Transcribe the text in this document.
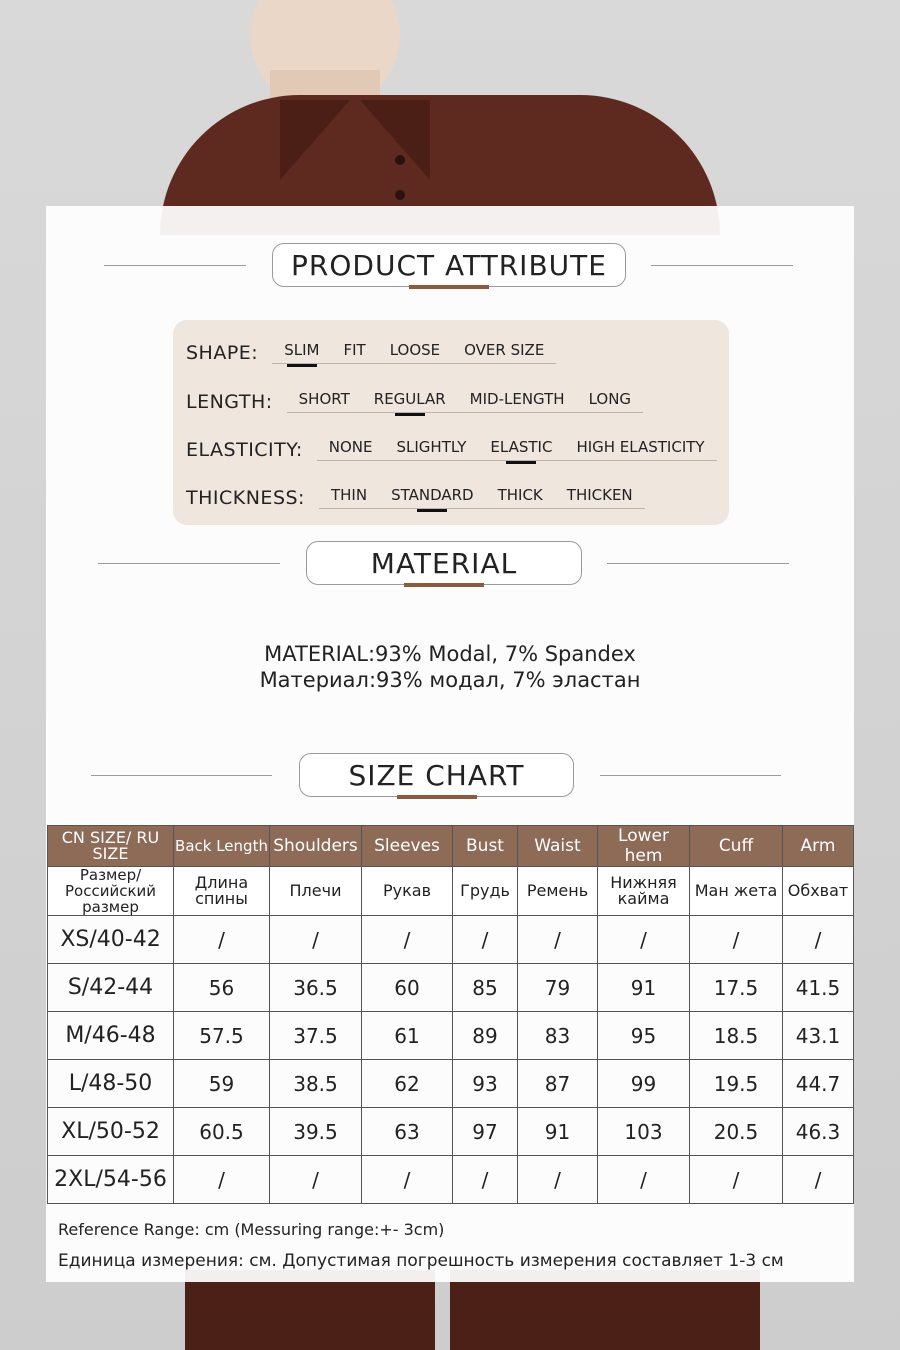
PRODUCT ATTRIBUTE
SHAPE: SLIM FIT LOOSE OVER SIZE
LENGTH: SHORT REGULAR MID-LENGTH LONG
ELASTICITY: NONE SLIGHTLY ELASTIC HIGH ELASTICITY
THICKNESS: THIN STANDARD THICK THICKEN
MATERIAL
MATERIAL:93% Modal, 7% Spandex
Материал:93% модал, 7% эластан
SIZE CHART
CN SIZE/ RU SIZE	Back Length	Shoulders	Sleeves	Bust	Waist	Lower hem	Cuff	Arm
Размер/ Российский размер	Длина спины	Плечи	Рукав	Грудь	Ремень	Нижняя кайма	Ман жета	Обхват
XS/40-42	/	/	/	/	/	/	/	/
S/42-44	56	36.5	60	85	79	91	17.5	41.5
M/46-48	57.5	37.5	61	89	83	95	18.5	43.1
L/48-50	59	38.5	62	93	87	99	19.5	44.7
XL/50-52	60.5	39.5	63	97	91	103	20.5	46.3
2XL/54-56	/	/	/	/	/	/	/	/
Reference Range: cm (Messuring range:+- 3cm)
Единица измерения: см. Допустимая погрешность измерения составляет 1-3 см
